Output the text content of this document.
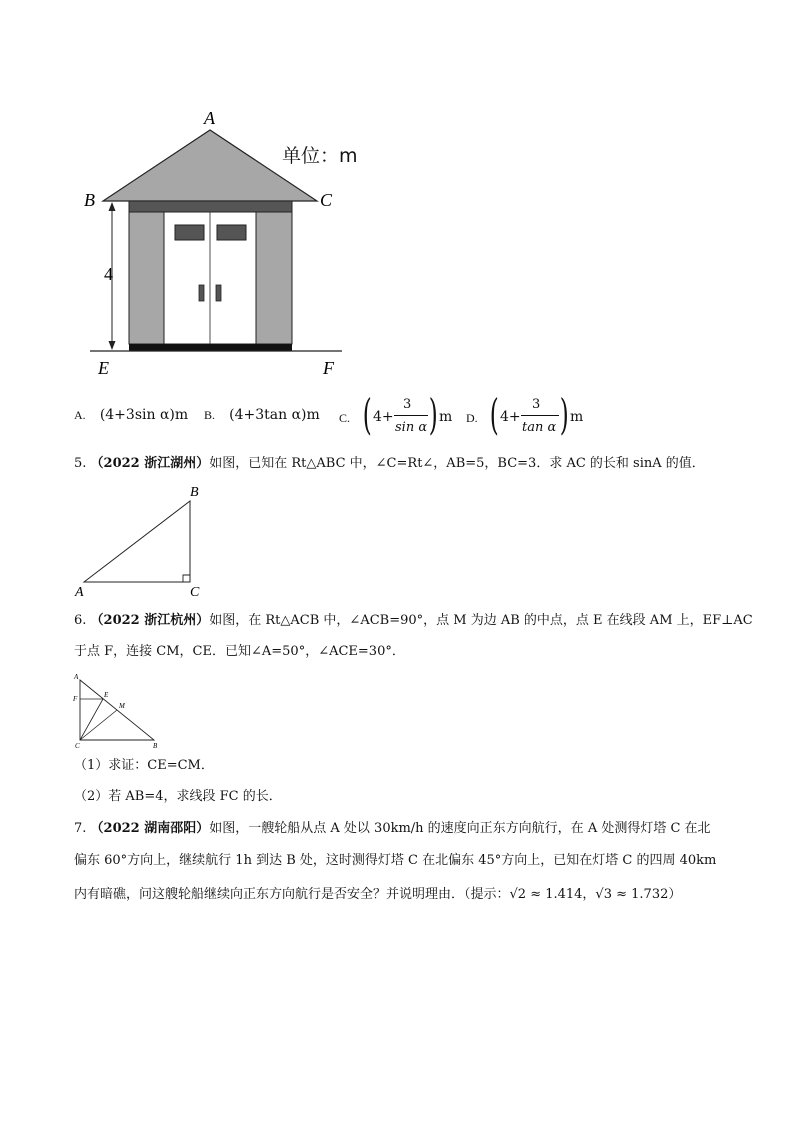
A
B	C
E	F
4
单位：m
A. (4+3sin α)m B. (4+3tan α)m C. ( 4+
3
sin α ) m D. ( 4+
3
tan α ) m
5. （2022 浙江湖州）如图，已知在 Rt△ABC 中，∠C=Rt∠，AB=5，BC=3．求 AC 的长和 sinA 的值．
A
B
C
6. （2022 浙江杭州）如图，在 Rt△ACB 中，∠ACB=90°，点 M 为边 AB 的中点，点 E 在线段 AM 上，EF⊥AC
于点 F，连接 CM，CE．已知∠A=50°，∠ACE=30°．
A
F	E
M
C	B
（1）求证：CE=CM．
（2）若 AB=4，求线段 FC 的长．
7. （2022 湖南邵阳）如图，一艘轮船从点 A 处以 30km/h 的速度向正东方向航行，在 A 处测得灯塔 C 在北
偏东 60°方向上，继续航行 1h 到达 B 处，这时测得灯塔 C 在北偏东 45°方向上，已知在灯塔 C 的四周 40km
内有暗礁，问这艘轮船继续向正东方向航行是否安全？并说明理由．（提示：√2 ≈ 1.414，√3 ≈ 1.732）
